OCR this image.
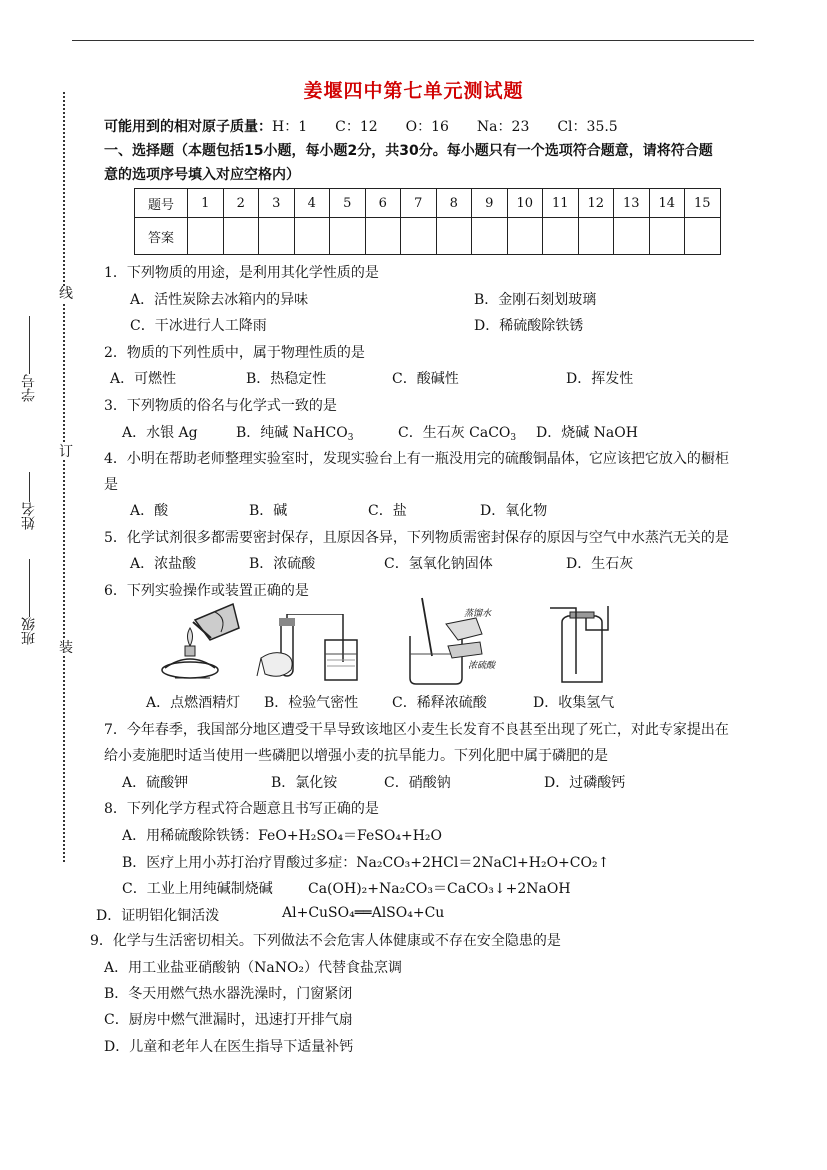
线
订
装
学号
姓名
班级
姜堰四中第七单元测试题
可能用到的相对原子质量：H：1　　C：12　　O：16　　Na：23　　Cl：35.5
一、选择题（本题包括15小题，每小题2分，共30分。每小题只有一个选项符合题意，请将符合题
意的选项序号填入对应空格内）
题号	1	2	3	4	5	6	7	8	9	10	11	12	13	14	15
答案															
1．下列物质的用途，是利用其化学性质的是
A．活性炭除去冰箱内的异味	B．金刚石刻划玻璃
C．干冰进行人工降雨	D．稀硫酸除铁锈
2．物质的下列性质中，属于物理性质的是
A．可燃性	B．热稳定性	C．酸碱性	D．挥发性
3．下列物质的俗名与化学式一致的是
A．水银 Ag	B．纯碱 NaHCO$_3$	C．生石灰 CaCO$_3$ D．烧碱 NaOH
4．小明在帮助老师整理实验室时，发现实验台上有一瓶没用完的硫酸铜晶体，它应该把它放入的橱柜
是
A．酸	B．碱	C．盐	D．氧化物
5．化学试剂很多都需要密封保存，且原因各异，下列物质需密封保存的原因与空气中水蒸汽无关的是
A．浓盐酸	B．浓硫酸	C．氢氧化钠固体	D．生石灰
6．下列实验操作或装置正确的是
蒸馏水
浓硫酸
A．点燃酒精灯 B．检验气密性 C．稀释浓硫酸	D．收集氢气
7．今年春季，我国部分地区遭受干旱导致该地区小麦生长发育不良甚至出现了死亡，对此专家提出在
给小麦施肥时适当使用一些磷肥以增强小麦的抗旱能力。下列化肥中属于磷肥的是
A．硫酸钾	B．氯化铵	C．硝酸钠	D．过磷酸钙
8．下列化学方程式符合题意且书写正确的是
A．用稀硫酸除铁锈：FeO+H₂SO₄＝FeSO₄+H₂O
B．医疗上用小苏打治疗胃酸过多症：Na₂CO₃+2HCl＝2NaCl+H₂O+CO₂↑
C．工业上用纯碱制烧碱	Ca(OH)₂+Na₂CO₃＝CaCO₃↓+2NaOH
D．证明铝化铜活泼	Al+CuSO₄══AlSO₄+Cu
9．化学与生活密切相关。下列做法不会危害人体健康或不存在安全隐患的是
A．用工业盐亚硝酸钠（NaNO₂）代替食盐烹调
B．冬天用燃气热水器洗澡时，门窗紧闭
C．厨房中燃气泄漏时，迅速打开排气扇
D．儿童和老年人在医生指导下适量补钙
